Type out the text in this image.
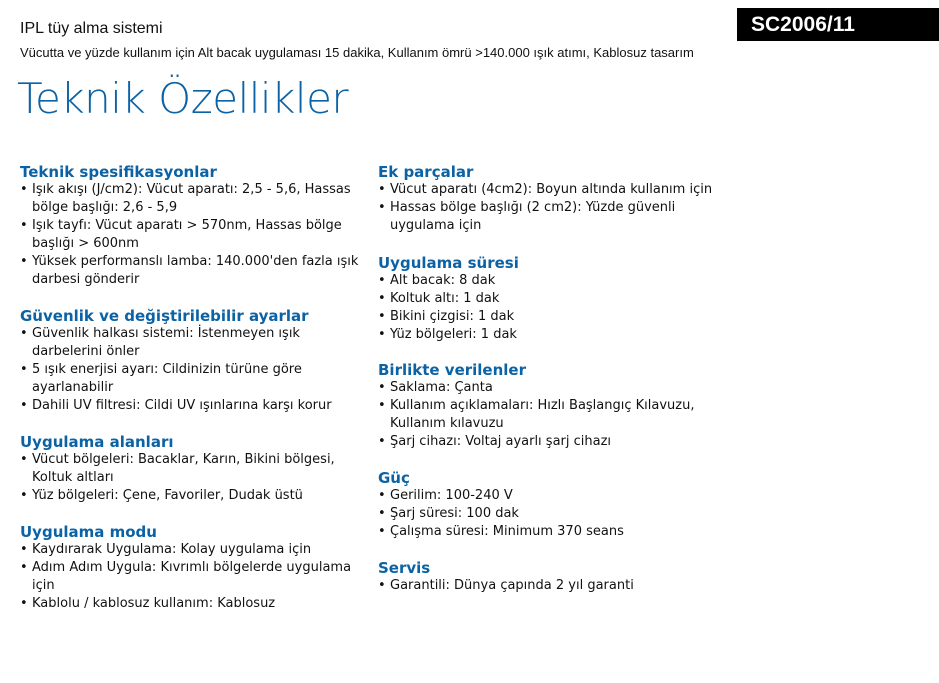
IPL tüy alma sistemi
Vücutta ve yüzde kullanım için Alt bacak uygulaması 15 dakika, Kullanım ömrü >140.000 ışık atımı, Kablosuz tasarım
SC2006/11
Teknik Özellikler
Teknik spesifikasyonlar
• Işık akışı (J/cm2): Vücut aparatı: 2,5 - 5,6, Hassas bölge başlığı: 2,6 - 5,9
• Işık tayfı: Vücut aparatı > 570nm, Hassas bölge başlığı > 600nm
• Yüksek performanslı lamba: 140.000'den fazla ışık darbesi gönderir
Güvenlik ve değiştirilebilir ayarlar
• Güvenlik halkası sistemi: İstenmeyen ışık darbelerini önler
• 5 ışık enerjisi ayarı: Cildinizin türüne göre ayarlanabilir
• Dahili UV filtresi: Cildi UV ışınlarına karşı korur
Uygulama alanları
• Vücut bölgeleri: Bacaklar, Karın, Bikini bölgesi, Koltuk altları
• Yüz bölgeleri: Çene, Favoriler, Dudak üstü
Uygulama modu
• Kaydırarak Uygulama: Kolay uygulama için
• Adım Adım Uygula: Kıvrımlı bölgelerde uygulama için
• Kablolu / kablosuz kullanım: Kablosuz
Ek parçalar
• Vücut aparatı (4cm2): Boyun altında kullanım için
• Hassas bölge başlığı (2 cm2): Yüzde güvenli uygulama için
Uygulama süresi
• Alt bacak: 8 dak
• Koltuk altı: 1 dak
• Bikini çizgisi: 1 dak
• Yüz bölgeleri: 1 dak
Birlikte verilenler
• Saklama: Çanta
• Kullanım açıklamaları: Hızlı Başlangıç Kılavuzu, Kullanım kılavuzu
• Şarj cihazı: Voltaj ayarlı şarj cihazı
Güç
• Gerilim: 100-240 V
• Şarj süresi: 100 dak
• Çalışma süresi: Minimum 370 seans
Servis
• Garantili: Dünya çapında 2 yıl garanti
